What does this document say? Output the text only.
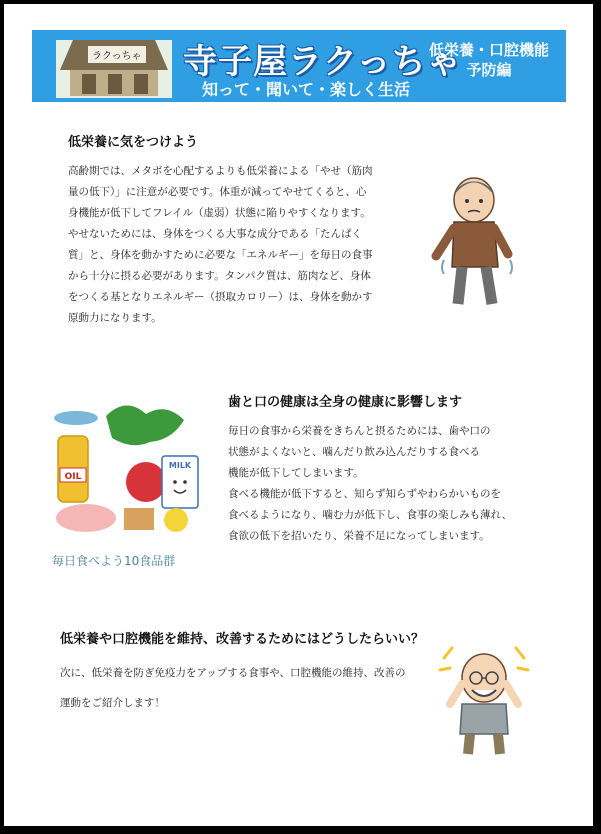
ラクっちゃ 寺子屋ラクっちゃ
知って・聞いて・楽しく生活
低栄養・口腔機能
予防編
低栄養に気をつけよう

高齢期では、メタボを心配するよりも低栄養による「やせ（筋肉

量の低下）」に注意が必要です。体重が減ってやせてくると、心

身機能が低下してフレイル（虚弱）状態に陥りやすくなります。

やせないためには、身体をつくる大事な成分である「たんぱく

質」と、身体を動かすために必要な「エネルギー」を毎日の食事

から十分に摂る必要があります。タンパク質は、筋肉など、身体

をつくる基となりエネルギー（摂取カロリー）は、身体を動かす

原動力になります。

OIL
MILK
毎日食べよう10食品群
歯と口の健康は全身の健康に影響します

毎日の食事から栄養をきちんと摂るためには、歯や口の

状態がよくないと、噛んだり飲み込んだりする食べる

機能が低下してしまいます。

食べる機能が低下すると、知らず知らずやわらかいものを

食べるようになり、噛む力が低下し、食事の楽しみも薄れ、

食欲の低下を招いたり、栄養不足になってしまいます。

低栄養や口腔機能を維持、改善するためにはどうしたらいい？

次に、低栄養を防ぎ免疫力をアップする食事や、口腔機能の維持、改善の

運動をご紹介します！
